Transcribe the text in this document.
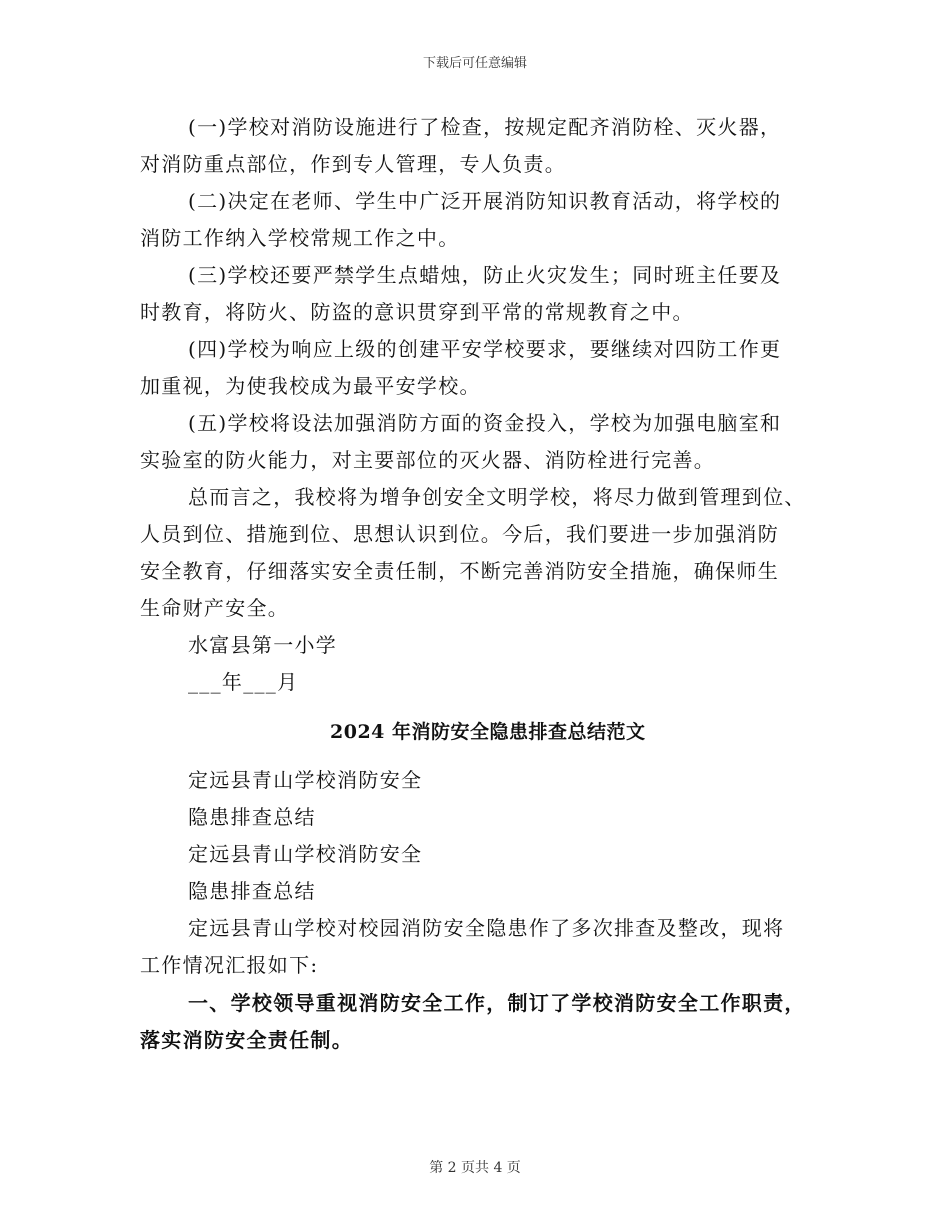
下载后可任意编辑
(一)学校对消防设施进行了检查，按规定配齐消防栓、灭火器，
对消防重点部位，作到专人管理，专人负责。
(二)决定在老师、学生中广泛开展消防知识教育活动，将学校的
消防工作纳入学校常规工作之中。
(三)学校还要严禁学生点蜡烛，防止火灾发生；同时班主任要及
时教育，将防火、防盗的意识贯穿到平常的常规教育之中。
(四)学校为响应上级的创建平安学校要求，要继续对四防工作更
加重视，为使我校成为最平安学校。
(五)学校将设法加强消防方面的资金投入，学校为加强电脑室和
实验室的防火能力，对主要部位的灭火器、消防栓进行完善。
总而言之，我校将为增争创安全文明学校，将尽力做到管理到位、
人员到位、措施到位、思想认识到位。今后，我们要进一步加强消防
安全教育，仔细落实安全责任制，不断完善消防安全措施，确保师生
生命财产安全。
水富县第一小学
___年___月
2024 年消防安全隐患排查总结范文
定远县青山学校消防安全
隐患排查总结
定远县青山学校消防安全
隐患排查总结
定远县青山学校对校园消防安全隐患作了多次排查及整改，现将
工作情况汇报如下:
一、学校领导重视消防安全工作，制订了学校消防安全工作职责，
落实消防安全责任制。
第 2 页共 4 页
